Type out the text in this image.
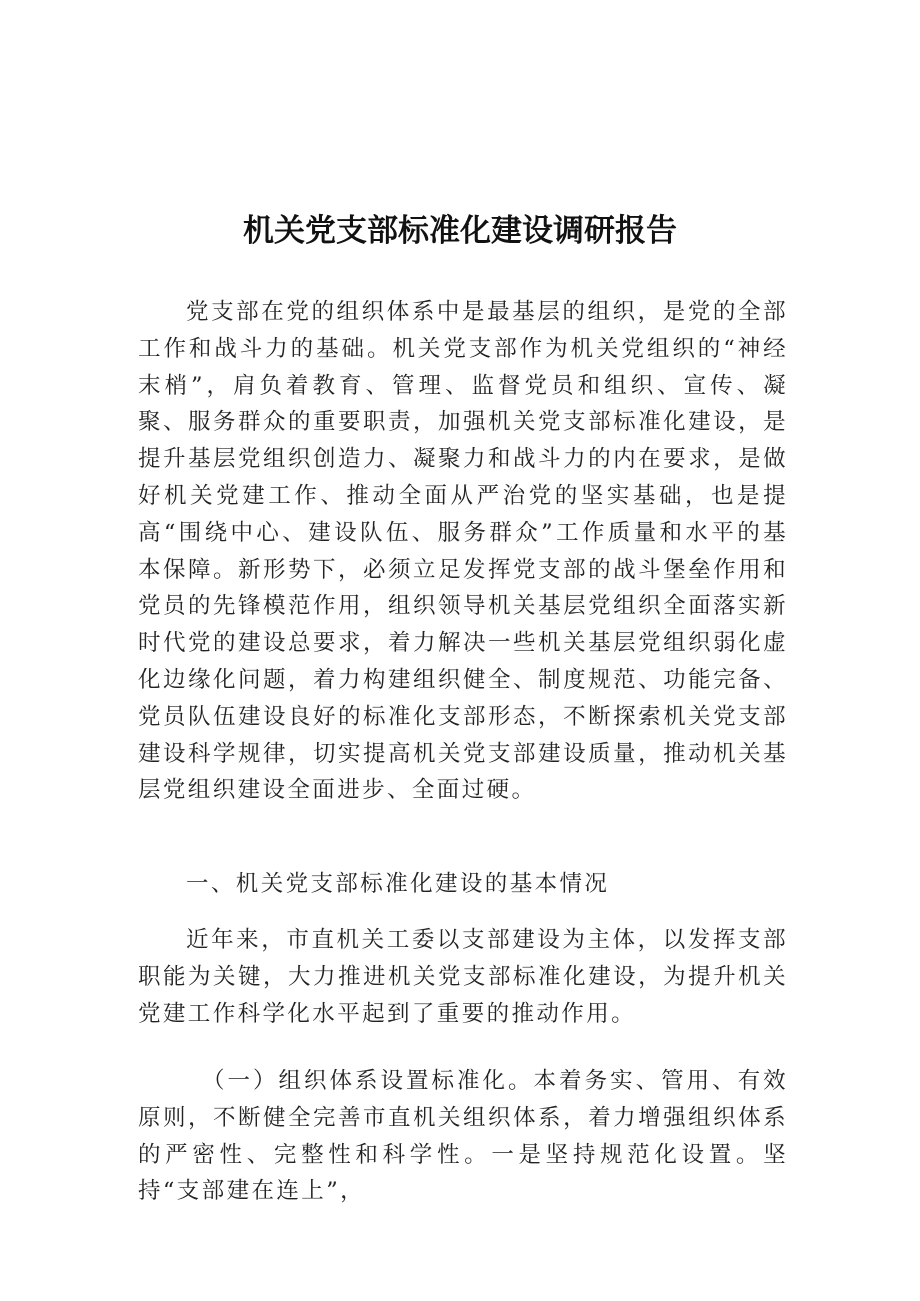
机关党支部标准化建设调研报告
党支部在党的组织体系中是最基层的组织，是党的全部工作和战斗力的基础。机关党支部作为机关党组织的“神经末梢”，肩负着教育、管理、监督党员和组织、宣传、凝聚、服务群众的重要职责，加强机关党支部标准化建设，是提升基层党组织创造力、凝聚力和战斗力的内在要求，是做好机关党建工作、推动全面从严治党的坚实基础，也是提高“围绕中心、建设队伍、服务群众”工作质量和水平的基本保障。新形势下，必须立足发挥党支部的战斗堡垒作用和党员的先锋模范作用，组织领导机关基层党组织全面落实新时代党的建设总要求，着力解决一些机关基层党组织弱化虚化边缘化问题，着力构建组织健全、制度规范、功能完备、党员队伍建设良好的标准化支部形态，不断探索机关党支部建设科学规律，切实提高机关党支部建设质量，推动机关基层党组织建设全面进步、全面过硬。
一、机关党支部标准化建设的基本情况
近年来，市直机关工委以支部建设为主体，以发挥支部职能为关键，大力推进机关党支部标准化建设，为提升机关党建工作科学化水平起到了重要的推动作用。
（一）组织体系设置标准化。本着务实、管用、有效原则，不断健全完善市直机关组织体系，着力增强组织体系的严密性、完整性和科学性。一是坚持规范化设置。坚持“支部建在连上”，
